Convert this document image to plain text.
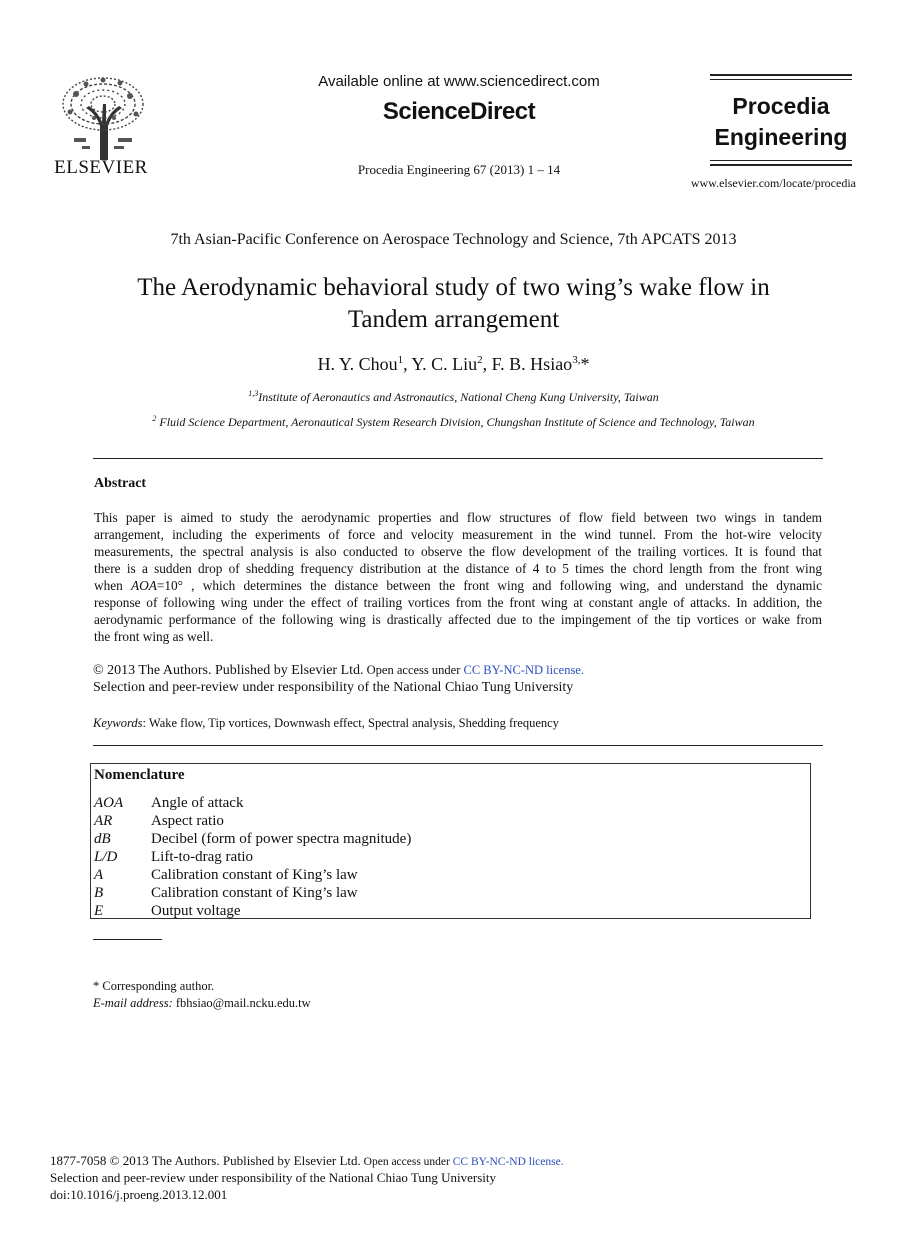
ELSEVIER
Available online at www.sciencedirect.com
ScienceDirect
Procedia Engineering 67 (2013) 1 – 14
Procedia
Engineering
www.elsevier.com/locate/procedia
7th Asian-Pacific Conference on Aerospace Technology and Science, 7th APCATS 2013
The Aerodynamic behavioral study of two wing’s wake flow in
Tandem arrangement
H. Y. Chou$^1$, Y. C. Liu$^2$, F. B. Hsiao$^{3,}$*
$^{1,3}$Institute of Aeronautics and Astronautics, National Cheng Kung University, Taiwan
$^2$ Fluid Science Department, Aeronautical System Research Division, Chungshan Institute of Science and Technology, Taiwan
Abstract
This paper is aimed to study the aerodynamic properties and flow structures of flow field between two wings in tandem
arrangement, including the experiments of force and velocity measurement in the wind tunnel. From the hot-wire velocity
measurements, the spectral analysis is also conducted to observe the flow development of the trailing vortices. It is found that
there is a sudden drop of shedding frequency distribution at the distance of 4 to 5 times the chord length from the front wing
when AOA=10° , which determines the distance between the front wing and following wing, and understand the dynamic
response of following wing under the effect of trailing vortices from the front wing at constant angle of attacks. In addition, the
aerodynamic performance of the following wing is drastically affected due to the impingement of the tip vortices or wake from
the front wing as well.
© 2013 The Authors. Published by Elsevier Ltd. Open access under CC BY-NC-ND license.
Selection and peer-review under responsibility of the National Chiao Tung University
Keywords: Wake flow, Tip vortices, Downwash effect, Spectral analysis, Shedding frequency
Nomenclature
AOA	Angle of attack
AR	Aspect ratio
dB	Decibel (form of power spectra magnitude)
L/D	Lift-to-drag ratio
A	Calibration constant of King’s law
B	Calibration constant of King’s law
E	Output voltage
* Corresponding author.
E-mail address: fbhsiao@mail.ncku.edu.tw
1877-7058 © 2013 The Authors. Published by Elsevier Ltd. Open access under CC BY-NC-ND license.
Selection and peer-review under responsibility of the National Chiao Tung University
doi:10.1016/j.proeng.2013.12.001
